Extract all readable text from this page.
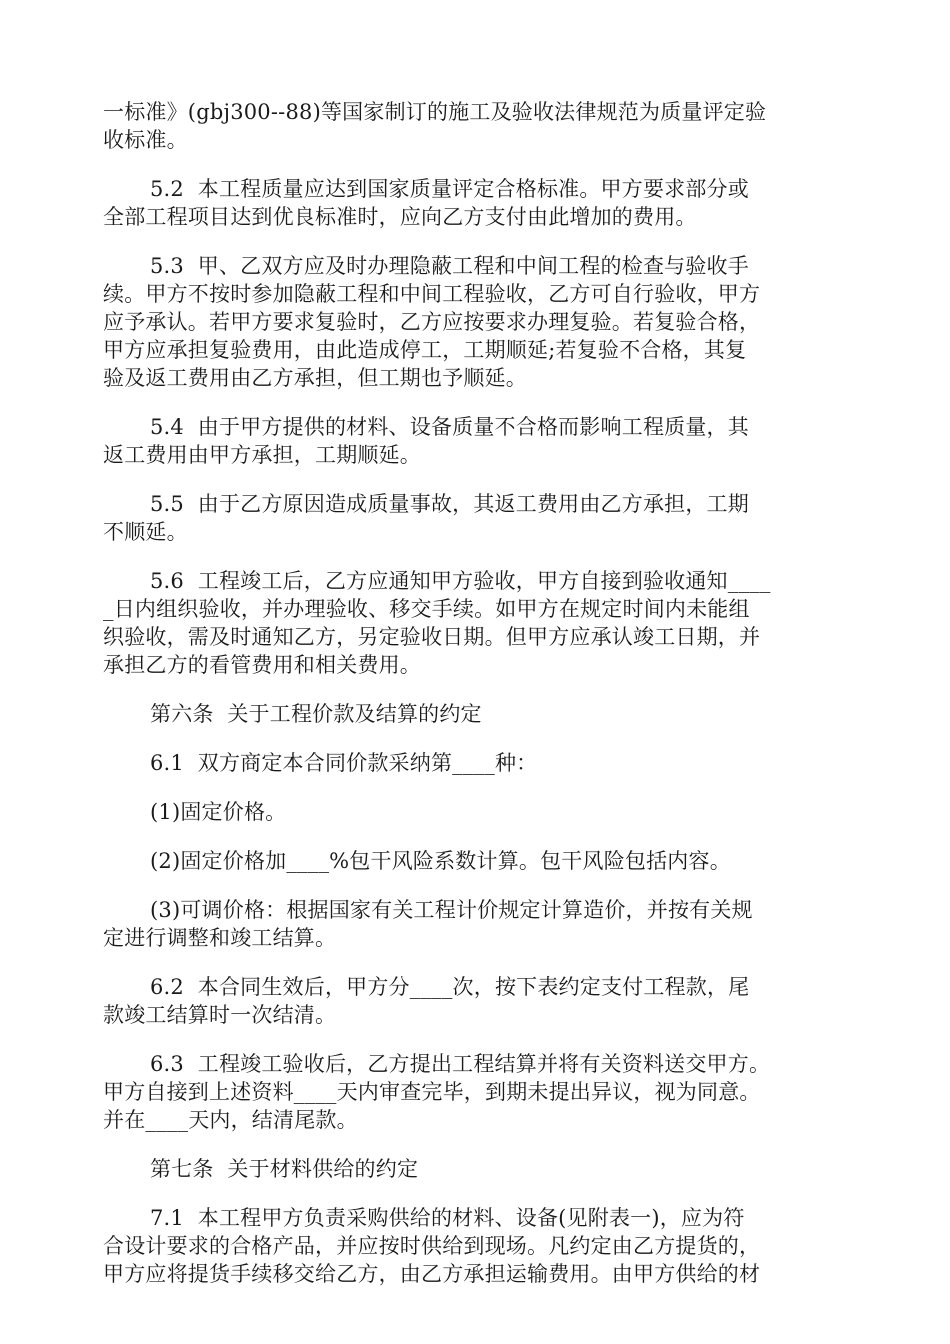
一标准》(gbj300--88)等国家制订的施工及验收法律规范为质量评定验
收标准。
5.2  本工程质量应达到国家质量评定合格标准。甲方要求部分或
全部工程项目达到优良标准时，应向乙方支付由此增加的费用。
5.3  甲、乙双方应及时办理隐蔽工程和中间工程的检查与验收手
续。甲方不按时参加隐蔽工程和中间工程验收，乙方可自行验收，甲方
应予承认。若甲方要求复验时，乙方应按要求办理复验。若复验合格，
甲方应承担复验费用，由此造成停工，工期顺延;若复验不合格，其复
验及返工费用由乙方承担，但工期也予顺延。
5.4  由于甲方提供的材料、设备质量不合格而影响工程质量，其
返工费用由甲方承担，工期顺延。
5.5  由于乙方原因造成质量事故，其返工费用由乙方承担，工期
不顺延。
5.6  工程竣工后，乙方应通知甲方验收，甲方自接到验收通知____
_日内组织验收，并办理验收、移交手续。如甲方在规定时间内未能组
织验收，需及时通知乙方，另定验收日期。但甲方应承认竣工日期，并
承担乙方的看管费用和相关费用。
第六条  关于工程价款及结算的约定
6.1  双方商定本合同价款采纳第____种：
(1)固定价格。
(2)固定价格加____%包干风险系数计算。包干风险包括内容。
(3)可调价格：根据国家有关工程计价规定计算造价，并按有关规
定进行调整和竣工结算。
6.2  本合同生效后，甲方分____次，按下表约定支付工程款，尾
款竣工结算时一次结清。
6.3  工程竣工验收后，乙方提出工程结算并将有关资料送交甲方。
甲方自接到上述资料____天内审查完毕，到期未提出异议，视为同意。
并在____天内，结清尾款。
第七条  关于材料供给的约定
7.1  本工程甲方负责采购供给的材料、设备(见附表一)，应为符
合设计要求的合格产品，并应按时供给到现场。凡约定由乙方提货的，
甲方应将提货手续移交给乙方，由乙方承担运输费用。由甲方供给的材
